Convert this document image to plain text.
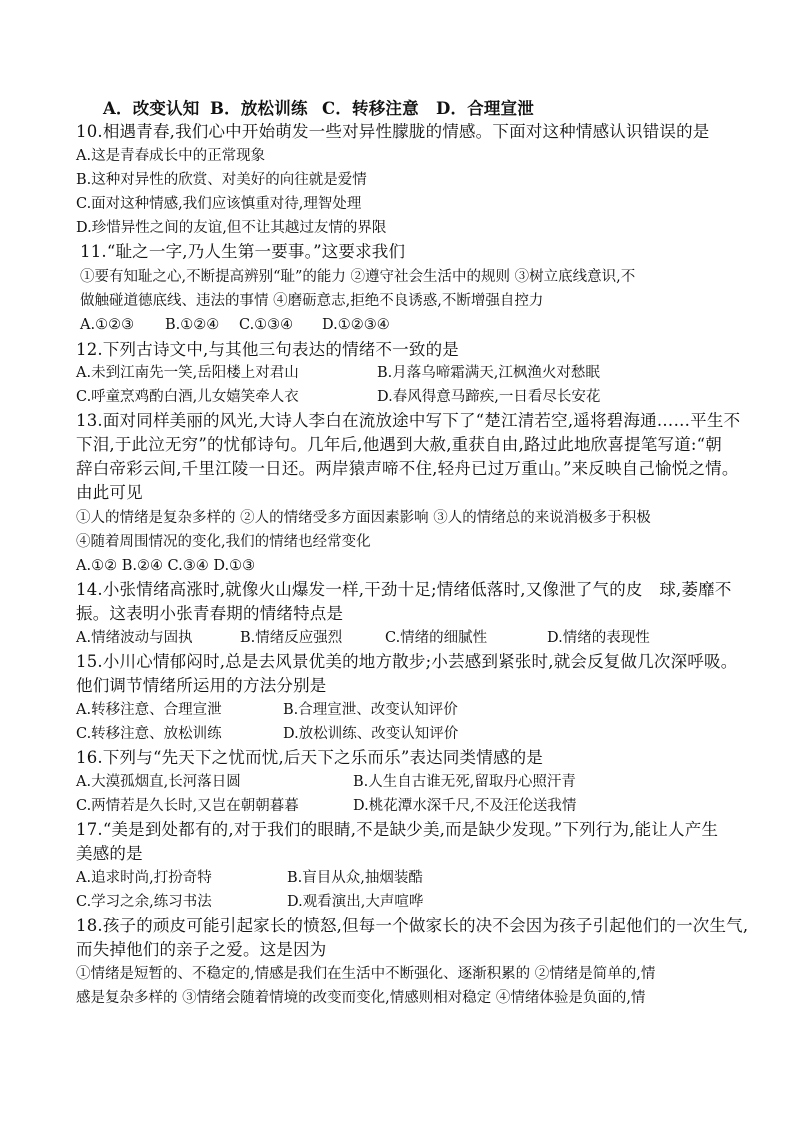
A．改变认知 B．放松训练 C．转移注意 D．合理宣泄
10.相遇青春,我们心中开始萌发一些对异性朦胧的情感。下面对这种情感认识错误的是
A.这是青春成长中的正常现象
B.这种对异性的欣赏、对美好的向往就是爱情
C.面对这种情感,我们应该慎重对待,理智处理
D.珍惜异性之间的友谊,但不让其越过友情的界限
11.“耻之一字,乃人生第一要事。”这要求我们
①要有知耻之心,不断提高辨别“耻”的能力 ②遵守社会生活中的规则 ③树立底线意识,不
做触碰道德底线、违法的事情 ④磨砺意志,拒绝不良诱惑,不断增强自控力
A.①②③ B.①②④ C.①③④ D.①②③④
12.下列古诗文中,与其他三句表达的情绪不一致的是
A.未到江南先一笑,岳阳楼上对君山	B.月落乌啼霜满天,江枫渔火对愁眠
C.呼童烹鸡酌白酒,儿女嬉笑牵人衣	D.春风得意马蹄疾,一日看尽长安花
13.面对同样美丽的风光,大诗人李白在流放途中写下了“楚江清若空,遥将碧海通……平生不
下泪,于此泣无穷”的忧郁诗句。几年后,他遇到大赦,重获自由,路过此地欣喜提笔写道:“朝
辞白帝彩云间,千里江陵一日还。两岸猿声啼不住,轻舟已过万重山。”来反映自己愉悦之情。
由此可见
①人的情绪是复杂多样的 ②人的情绪受多方面因素影响 ③人的情绪总的来说消极多于积极
④随着周围情况的变化,我们的情绪也经常变化
A.①② B.②④ C.③④ D.①③
14.小张情绪高涨时,就像火山爆发一样,干劲十足;情绪低落时,又像泄了气的皮　球,萎靡不
振。这表明小张青春期的情绪特点是
A.情绪波动与固执	B.情绪反应强烈	C.情绪的细腻性	D.情绪的表现性
15.小川心情郁闷时,总是去风景优美的地方散步;小芸感到紧张时,就会反复做几次深呼吸。
他们调节情绪所运用的方法分别是
A.转移注意、合理宣泄	B.合理宣泄、改变认知评价
C.转移注意、放松训练	D.放松训练、改变认知评价
16.下列与“先天下之忧而忧,后天下之乐而乐”表达同类情感的是
A.大漠孤烟直,长河落日圆	B.人生自古谁无死,留取丹心照汗青
C.两情若是久长时,又岂在朝朝暮暮	D.桃花潭水深千尺,不及汪伦送我情
17.“美是到处都有的,对于我们的眼睛,不是缺少美,而是缺少发现。”下列行为,能让人产生
美感的是
A.追求时尚,打扮奇特	B.盲目从众,抽烟装酷
C.学习之余,练习书法	D.观看演出,大声喧哗
18.孩子的顽皮可能引起家长的愤怒,但每一个做家长的决不会因为孩子引起他们的一次生气,
而失掉他们的亲子之爱。这是因为
①情绪是短暂的、不稳定的,情感是我们在生活中不断强化、逐渐积累的 ②情绪是简单的,情
感是复杂多样的 ③情绪会随着情境的改变而变化,情感则相对稳定 ④情绪体验是负面的,情
